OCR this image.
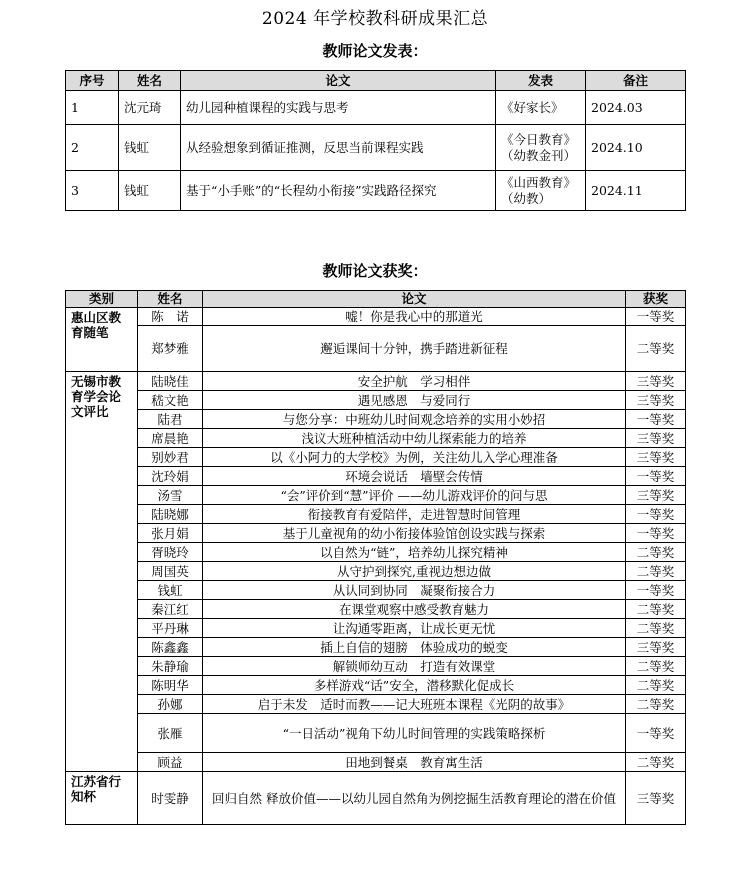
2024 年学校教科研成果汇总
教师论文发表：
序号	姓名	论文	发表	备注
1	沈元琦	幼儿园种植课程的实践与思考	《好家长》	2024.03
2	钱虹	从经验想象到循证推测，反思当前课程实践	《今日教育》（幼教金刊）	2024.10
3	钱虹	基于“小手账”的“长程幼小衔接”实践路径探究	《山西教育》（幼教）	2024.11
教师论文获奖：
类别	姓名	论文	获奖
惠山区教育随笔	陈　诺	嘘！你是我心中的那道光	一等奖
	郑梦雅	邂逅课间十分钟，携手踏进新征程	二等奖
无锡市教育学会论文评比	陆晓佳	安全护航　学习相伴	三等奖
	嵇文艳	遇见感恩　与爱同行	三等奖
	陆君	与您分享：中班幼儿时间观念培养的实用小妙招	一等奖
	席晨艳	浅议大班种植活动中幼儿探索能力的培养	三等奖
	别妙君	以《小阿力的大学校》为例，关注幼儿入学心理准备	三等奖
	沈玲娟	环境会说话　墙壁会传情	一等奖
	汤雪	“会”评价到“慧”评价 ——幼儿游戏评价的问与思	三等奖
	陆晓娜	衔接教育有爱陪伴，走进智慧时间管理	一等奖
	张月娟	基于儿童视角的幼小衔接体验馆创设实践与探索	一等奖
	胥晓玲	以自然为“链”，培养幼儿探究精神	二等奖
	周国英	从守护到探究,重视边想边做	二等奖
	钱虹	从认同到协同　凝聚衔接合力	一等奖
	秦江红	在课堂观察中感受教育魅力	二等奖
	平丹琳	让沟通零距离，让成长更无忧	二等奖
	陈鑫鑫	插上自信的翅膀　体验成功的蜕变	三等奖
	朱静瑜	解锁师幼互动　打造有效课堂	二等奖
	陈明华	多样游戏“话”安全，潜移默化促成长	二等奖
	孙娜	启于未发　适时而教——记大班班本课程《光阴的故事》	二等奖
	张雁	“一日活动”视角下幼儿时间管理的实践策略探析	一等奖
	顾益	田地到餐桌　教育寓生活	二等奖
江苏省行知杯	时雯静	回归自然 释放价值——以幼儿园自然角为例挖掘生活教育理论的潜在价值	三等奖
